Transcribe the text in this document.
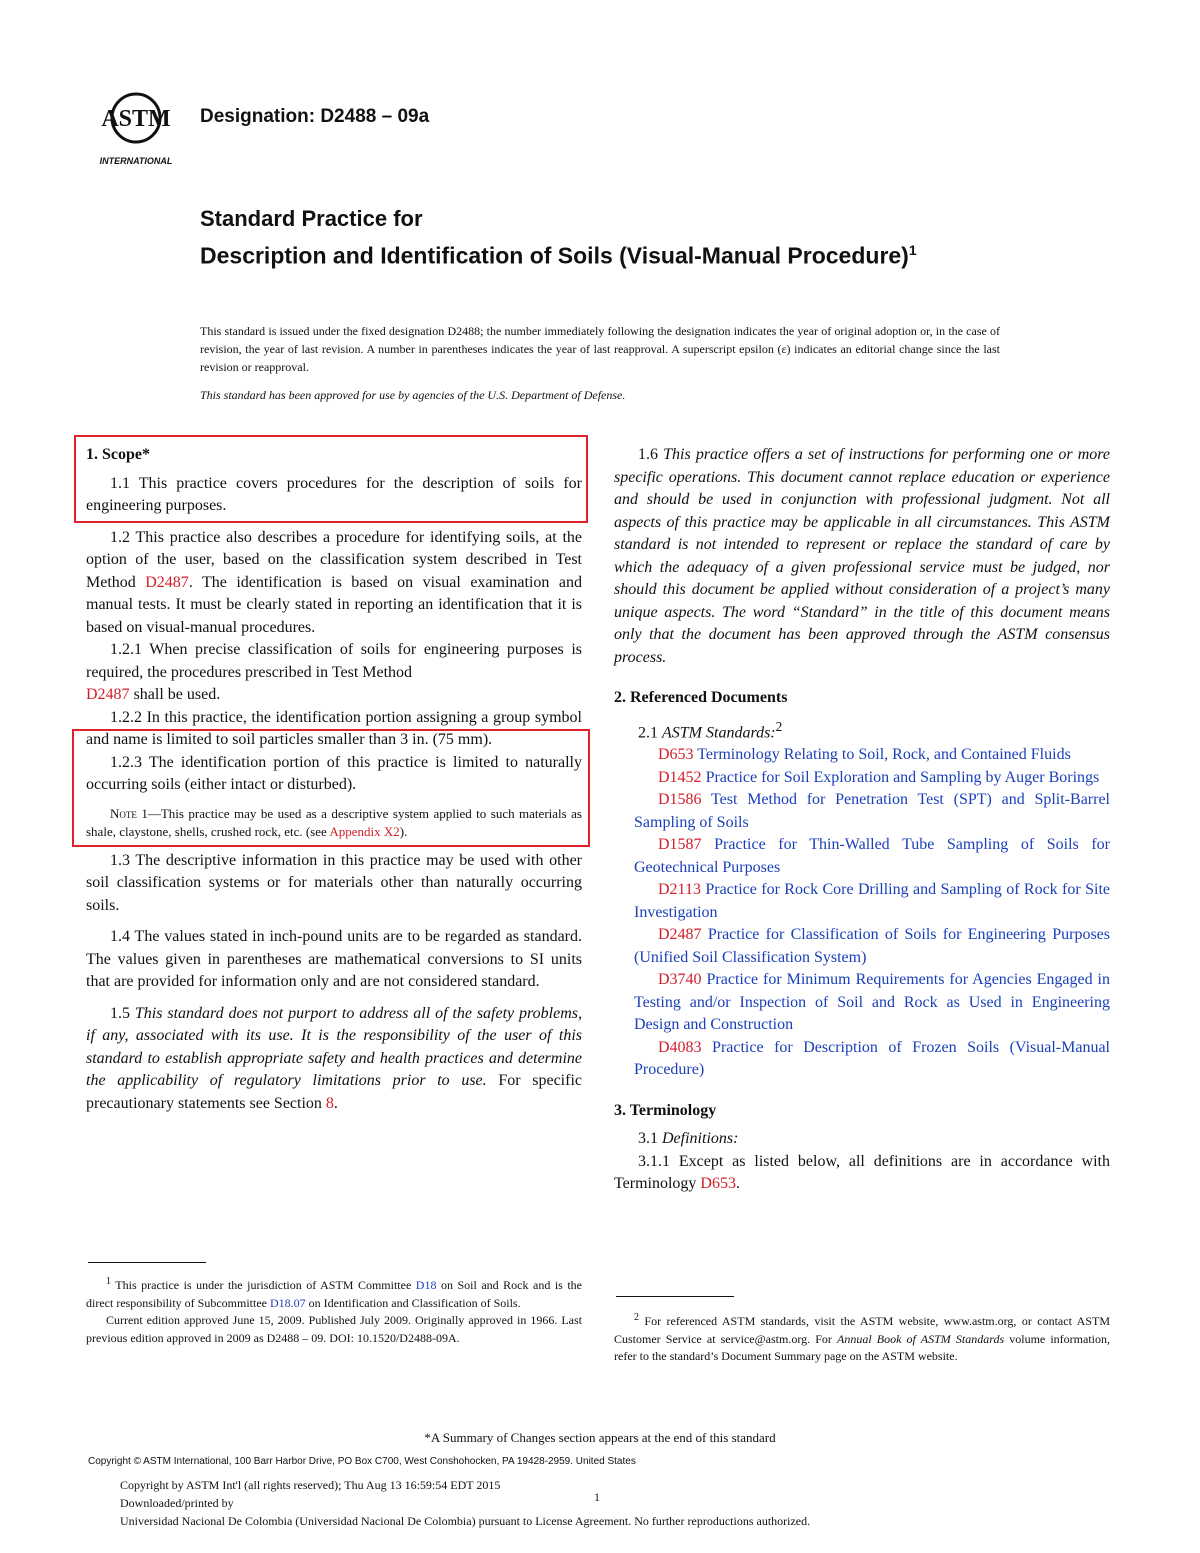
ASTM
INTERNATIONAL
Designation: D2488 – 09a
Standard Practice for
Description and Identification of Soils (Visual-Manual Procedure)$^1$
This standard is issued under the fixed designation D2488; the number immediately following the designation indicates the year of original adoption or, in the case of revision, the year of last revision. A number in parentheses indicates the year of last reapproval. A superscript epsilon (ε) indicates an editorial change since the last revision or reapproval.
This standard has been approved for use by agencies of the U.S. Department of Defense.
1. Scope*

1.1 This practice covers procedures for the description of soils for engineering purposes.

1.2 This practice also describes a procedure for identifying soils, at the option of the user, based on the classification system described in Test Method D2487. The identification is based on visual examination and manual tests. It must be clearly stated in reporting an identification that it is based on visual-manual procedures.

1.2.1 When precise classification of soils for engineering purposes is required, the procedures prescribed in Test Method
D2487 shall be used.

1.2.2 In this practice, the identification portion assigning a group symbol and name is limited to soil particles smaller than 3 in. (75 mm).

1.2.3 The identification portion of this practice is limited to naturally occurring soils (either intact or disturbed).

Note 1—This practice may be used as a descriptive system applied to such materials as shale, claystone, shells, crushed rock, etc. (see Appendix X2).

1.3 The descriptive information in this practice may be used with other soil classification systems or for materials other than naturally occurring soils.

1.4 The values stated in inch-pound units are to be regarded as standard. The values given in parentheses are mathematical conversions to SI units that are provided for information only and are not considered standard.

1.5 This standard does not purport to address all of the safety problems, if any, associated with its use. It is the responsibility of the user of this standard to establish appropriate safety and health practices and determine the applicability of regulatory limitations prior to use. For specific precautionary statements see Section 8.

$^1$ This practice is under the jurisdiction of ASTM Committee D18 on Soil and Rock and is the direct responsibility of Subcommittee D18.07 on Identification and Classification of Soils.

Current edition approved June 15, 2009. Published July 2009. Originally approved in 1966. Last previous edition approved in 2009 as D2488 – 09. DOI: 10.1520/D2488-09A.

1.6 This practice offers a set of instructions for performing one or more specific operations. This document cannot replace education or experience and should be used in conjunction with professional judgment. Not all aspects of this practice may be applicable in all circumstances. This ASTM standard is not intended to represent or replace the standard of care by which the adequacy of a given professional service must be judged, nor should this document be applied without consideration of a project’s many unique aspects. The word “Standard” in the title of this document means only that the document has been approved through the ASTM consensus process.

2. Referenced Documents

2.1 ASTM Standards:$^2$

D653 Terminology Relating to Soil, Rock, and Contained Fluids

D1452 Practice for Soil Exploration and Sampling by Auger Borings

D1586 Test Method for Penetration Test (SPT) and Split-Barrel Sampling of Soils

D1587 Practice for Thin-Walled Tube Sampling of Soils for Geotechnical Purposes

D2113 Practice for Rock Core Drilling and Sampling of Rock for Site Investigation

D2487 Practice for Classification of Soils for Engineering Purposes (Unified Soil Classification System)

D3740 Practice for Minimum Requirements for Agencies Engaged in Testing and/or Inspection of Soil and Rock as Used in Engineering Design and Construction

D4083 Practice for Description of Frozen Soils (Visual-Manual Procedure)

3. Terminology

3.1 Definitions:

3.1.1 Except as listed below, all definitions are in accordance with Terminology D653.

$^2$ For referenced ASTM standards, visit the ASTM website, www.astm.org, or contact ASTM Customer Service at service@astm.org. For Annual Book of ASTM Standards volume information, refer to the standard’s Document Summary page on the ASTM website.

*A Summary of Changes section appears at the end of this standard
Copyright © ASTM International, 100 Barr Harbor Drive, PO Box C700, West Conshohocken, PA 19428-2959. United States
Copyright by ASTM Int'l (all rights reserved); Thu Aug 13 16:59:54 EDT 2015
1
Downloaded/printed by
Universidad Nacional De Colombia (Universidad Nacional De Colombia) pursuant to License Agreement. No further reproductions authorized.
